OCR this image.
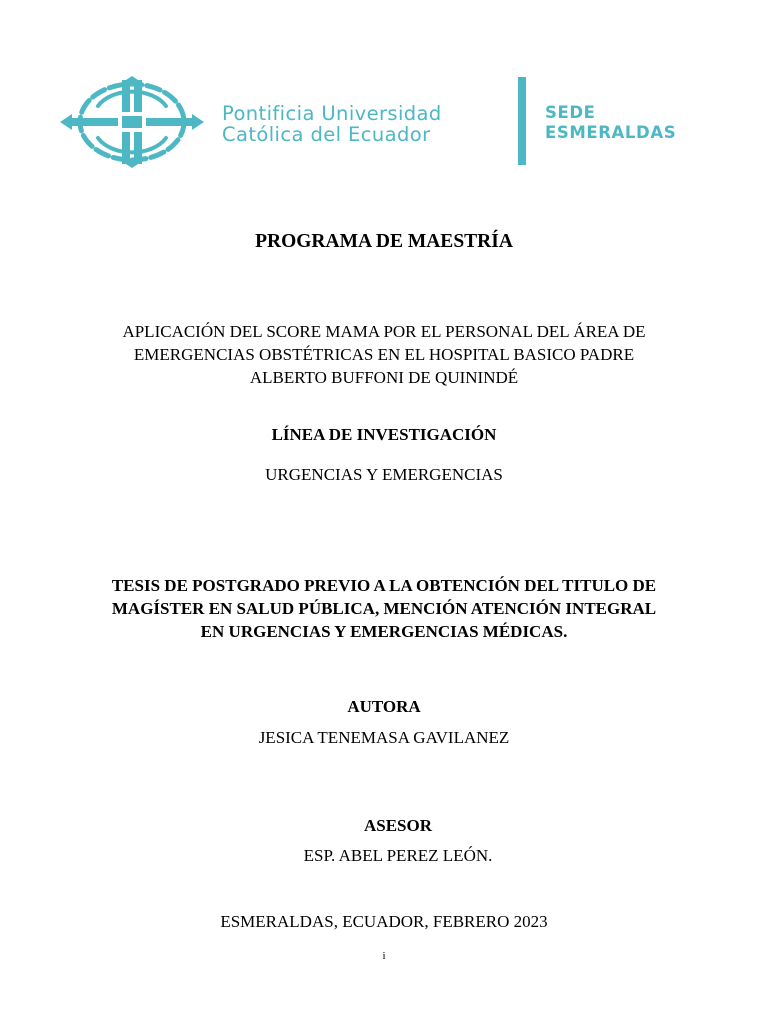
Pontificia Universidad
Católica del Ecuador
SEDE
ESMERALDAS
PROGRAMA DE MAESTRÍA
APLICACIÓN DEL SCORE MAMA POR EL PERSONAL DEL ÁREA DE
EMERGENCIAS OBSTÉTRICAS EN EL HOSPITAL BASICO PADRE
ALBERTO BUFFONI DE QUININDÉ
LÍNEA DE INVESTIGACIÓN
URGENCIAS Y EMERGENCIAS
TESIS DE POSTGRADO PREVIO A LA OBTENCIÓN DEL TITULO DE
MAGÍSTER EN SALUD PÚBLICA, MENCIÓN ATENCIÓN INTEGRAL
EN URGENCIAS Y EMERGENCIAS MÉDICAS.
AUTORA
JESICA TENEMASA GAVILANEZ
ASESOR
ESP. ABEL PEREZ LEÓN.
ESMERALDAS, ECUADOR, FEBRERO 2023
i
